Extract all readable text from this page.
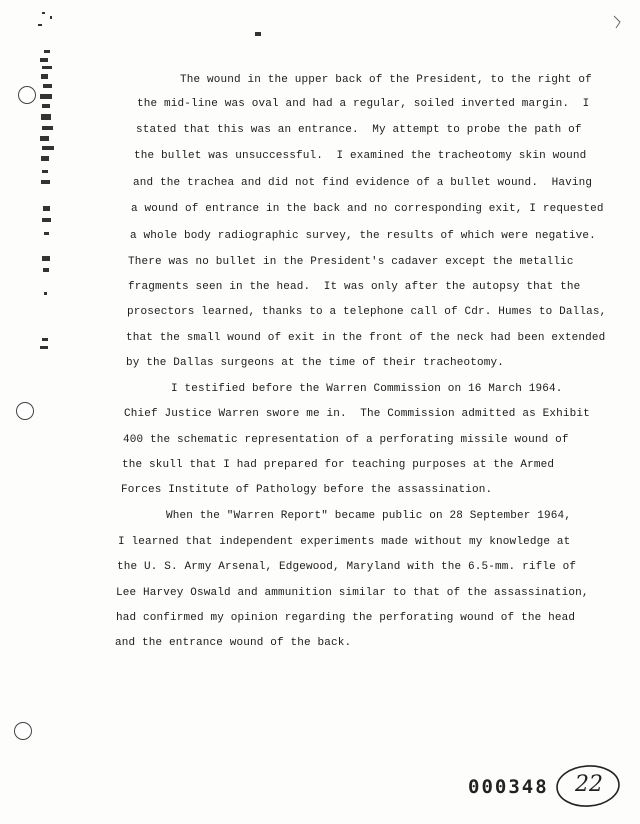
The wound in the upper back of the President, to the right of
the mid-line was oval and had a regular, soiled inverted margin.  I
stated that this was an entrance.  My attempt to probe the path of
the bullet was unsuccessful.  I examined the tracheotomy skin wound
and the trachea and did not find evidence of a bullet wound.  Having
a wound of entrance in the back and no corresponding exit, I requested
a whole body radiographic survey, the results of which were negative.
There was no bullet in the President's cadaver except the metallic
fragments seen in the head.  It was only after the autopsy that the
prosectors learned, thanks to a telephone call of Cdr. Humes to Dallas,
that the small wound of exit in the front of the neck had been extended
by the Dallas surgeons at the time of their tracheotomy.
I testified before the Warren Commission on 16 March 1964.
Chief Justice Warren swore me in.  The Commission admitted as Exhibit
400 the schematic representation of a perforating missile wound of
the skull that I had prepared for teaching purposes at the Armed
Forces Institute of Pathology before the assassination.
When the "Warren Report" became public on 28 September 1964,
I learned that independent experiments made without my knowledge at
the U. S. Army Arsenal, Edgewood, Maryland with the 6.5-mm. rifle of
Lee Harvey Oswald and ammunition similar to that of the assassination,
had confirmed my opinion regarding the perforating wound of the head
and the entrance wound of the back.
000348 22
